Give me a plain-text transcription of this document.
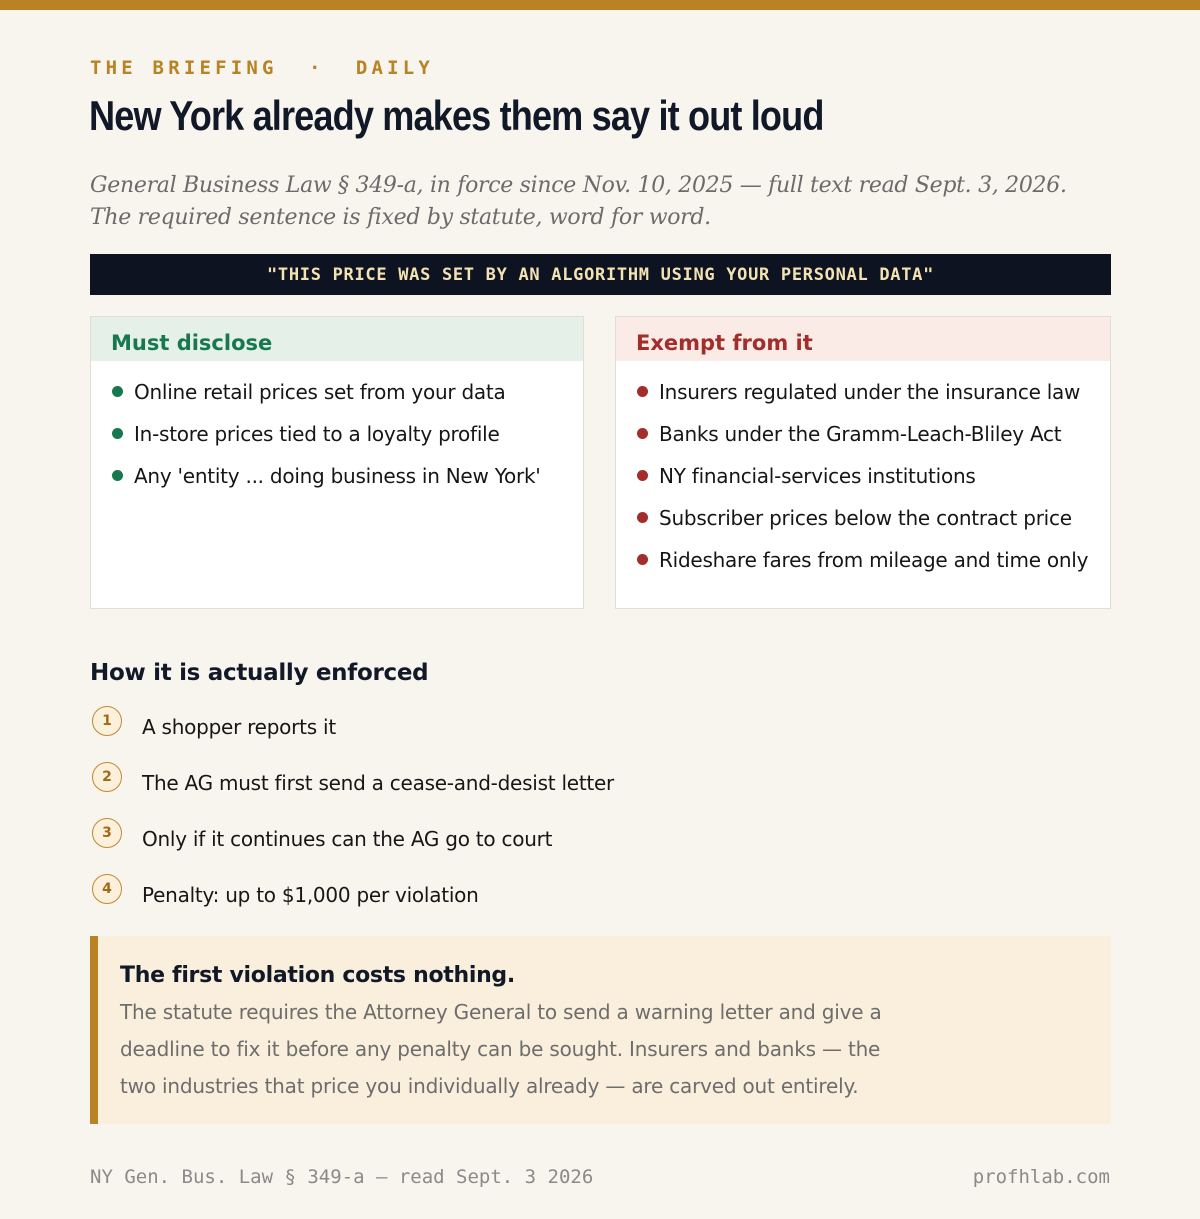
THE BRIEFING  ·  DAILY
New York already makes them say it out loud
General Business Law § 349-a, in force since Nov. 10, 2025 — full text read Sept. 3, 2026.
The required sentence is fixed by statute, word for word.
"THIS PRICE WAS SET BY AN ALGORITHM USING YOUR PERSONAL DATA"
Must disclose
Online retail prices set from your data
In-store prices tied to a loyalty profile
Any 'entity ... doing business in New York'
Exempt from it
Insurers regulated under the insurance law
Banks under the Gramm-Leach-Bliley Act
NY financial-services institutions
Subscriber prices below the contract price
Rideshare fares from mileage and time only
How it is actually enforced
1	A shopper reports it
2	The AG must first send a cease-and-desist letter
3	Only if it continues can the AG go to court
4	Penalty: up to $1,000 per violation
The first violation costs nothing.

The statute requires the Attorney General to send a warning letter and give a deadline to fix it before any penalty can be sought. Insurers and banks — the two industries that price you individually already — are carved out entirely.

NY Gen. Bus. Law § 349-a — read Sept. 3 2026	profhlab.com
